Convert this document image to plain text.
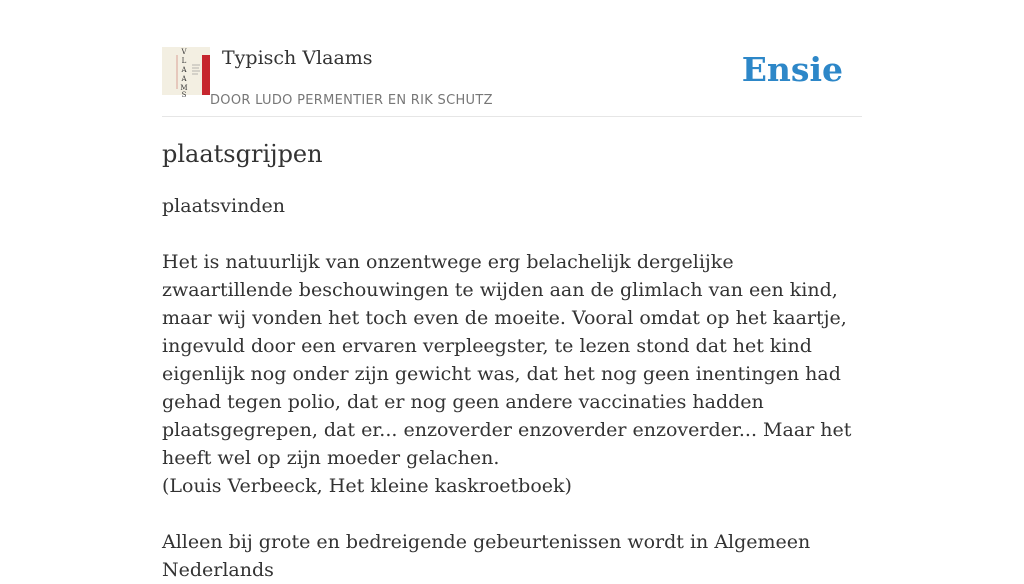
V
L
A
A
M
S
Typisch Vlaams
DOOR LUDO PERMENTIER EN RIK SCHUTZ
Ensie
plaatsgrijpen

plaatsvinden

Het is natuurlijk van onzentwege erg belachelijk dergelijke zwaartillende beschouwingen te wijden aan de glimlach van een kind, maar wij vonden het toch even de moeite. Vooral omdat op het kaartje, ingevuld door een ervaren verpleegster, te lezen stond dat het kind eigenlijk nog onder zijn gewicht was, dat het nog geen inentingen had gehad tegen polio, dat er nog geen andere vaccinaties hadden plaatsgegrepen, dat er... enzoverder enzoverder enzoverder... Maar het heeft wel op zijn moeder gelachen.

(Louis Verbeeck, Het kleine kaskroetboek)

Alleen bij grote en bedreigende gebeurtenissen wordt in Algemeen Nederlands
